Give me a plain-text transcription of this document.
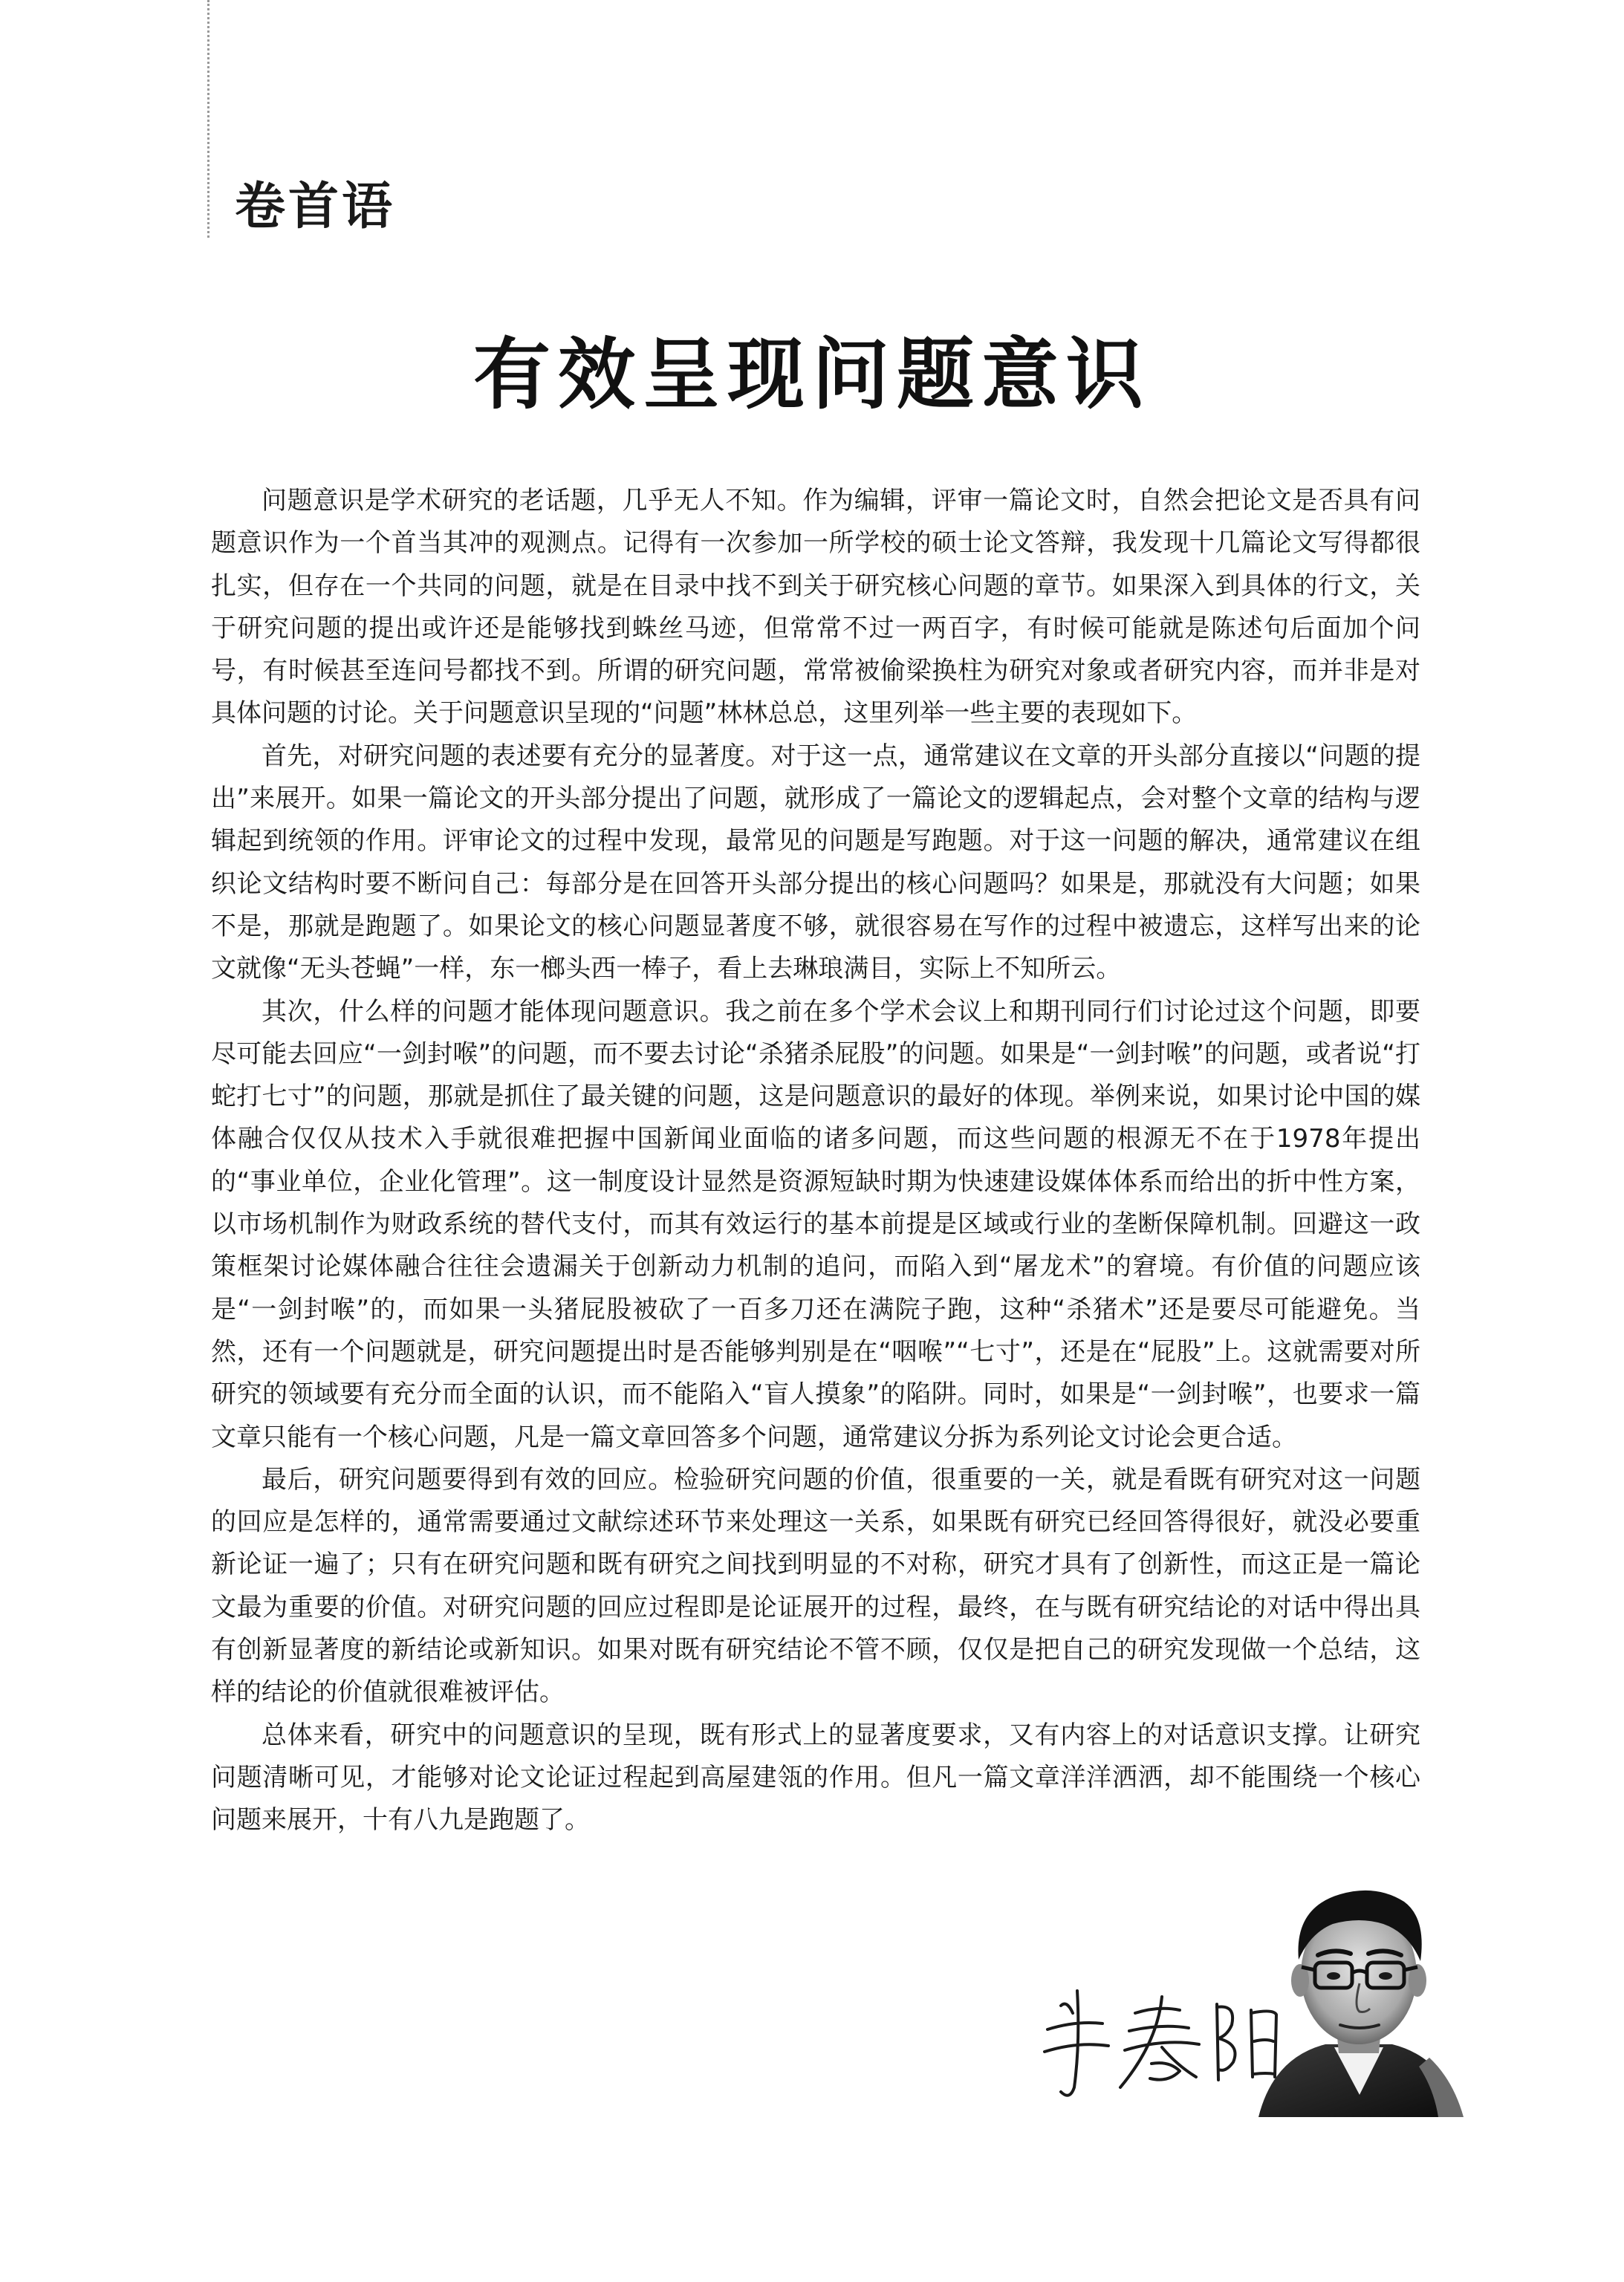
卷首语
有效呈现问题意识

问题意识是学术研究的老话题，几乎无人不知。作为编辑，评审一篇论文时，自然会把论文是否具有问题意识作为一个首当其冲的观测点。记得有一次参加一所学校的硕士论文答辩，我发现十几篇论文写得都很扎实，但存在一个共同的问题，就是在目录中找不到关于研究核心问题的章节。如果深入到具体的行文，关于研究问题的提出或许还是能够找到蛛丝马迹，但常常不过一两百字，有时候可能就是陈述句后面加个问号，有时候甚至连问号都找不到。所谓的研究问题，常常被偷梁换柱为研究对象或者研究内容，而并非是对具体问题的讨论。关于问题意识呈现的“问题”林林总总，这里列举一些主要的表现如下。

首先，对研究问题的表述要有充分的显著度。对于这一点，通常建议在文章的开头部分直接以“问题的提出”来展开。如果一篇论文的开头部分提出了问题，就形成了一篇论文的逻辑起点，会对整个文章的结构与逻辑起到统领的作用。评审论文的过程中发现，最常见的问题是写跑题。对于这一问题的解决，通常建议在组织论文结构时要不断问自己：每部分是在回答开头部分提出的核心问题吗？如果是，那就没有大问题；如果不是，那就是跑题了。如果论文的核心问题显著度不够，就很容易在写作的过程中被遗忘，这样写出来的论文就像“无头苍蝇”一样，东一榔头西一棒子，看上去琳琅满目，实际上不知所云。

其次，什么样的问题才能体现问题意识。我之前在多个学术会议上和期刊同行们讨论过这个问题，即要尽可能去回应“一剑封喉”的问题，而不要去讨论“杀猪杀屁股”的问题。如果是“一剑封喉”的问题，或者说“打蛇打七寸”的问题，那就是抓住了最关键的问题，这是问题意识的最好的体现。举例来说，如果讨论中国的媒体融合仅仅从技术入手就很难把握中国新闻业面临的诸多问题，而这些问题的根源无不在于1978年提出的“事业单位，企业化管理”。这一制度设计显然是资源短缺时期为快速建设媒体体系而给出的折中性方案，以市场机制作为财政系统的替代支付，而其有效运行的基本前提是区域或行业的垄断保障机制。回避这一政策框架讨论媒体融合往往会遗漏关于创新动力机制的追问，而陷入到“屠龙术”的窘境。有价值的问题应该是“一剑封喉”的，而如果一头猪屁股被砍了一百多刀还在满院子跑，这种“杀猪术”还是要尽可能避免。当然，还有一个问题就是，研究问题提出时是否能够判别是在“咽喉”“七寸”，还是在“屁股”上。这就需要对所研究的领域要有充分而全面的认识，而不能陷入“盲人摸象”的陷阱。同时，如果是“一剑封喉”，也要求一篇文章只能有一个核心问题，凡是一篇文章回答多个问题，通常建议分拆为系列论文讨论会更合适。

最后，研究问题要得到有效的回应。检验研究问题的价值，很重要的一关，就是看既有研究对这一问题的回应是怎样的，通常需要通过文献综述环节来处理这一关系，如果既有研究已经回答得很好，就没必要重新论证一遍了；只有在研究问题和既有研究之间找到明显的不对称，研究才具有了创新性，而这正是一篇论文最为重要的价值。对研究问题的回应过程即是论证展开的过程，最终，在与既有研究结论的对话中得出具有创新显著度的新结论或新知识。如果对既有研究结论不管不顾，仅仅是把自己的研究发现做一个总结，这样的结论的价值就很难被评估。

总体来看，研究中的问题意识的呈现，既有形式上的显著度要求，又有内容上的对话意识支撑。让研究问题清晰可见，才能够对论文论证过程起到高屋建瓴的作用。但凡一篇文章洋洋洒洒，却不能围绕一个核心问题来展开，十有八九是跑题了。
